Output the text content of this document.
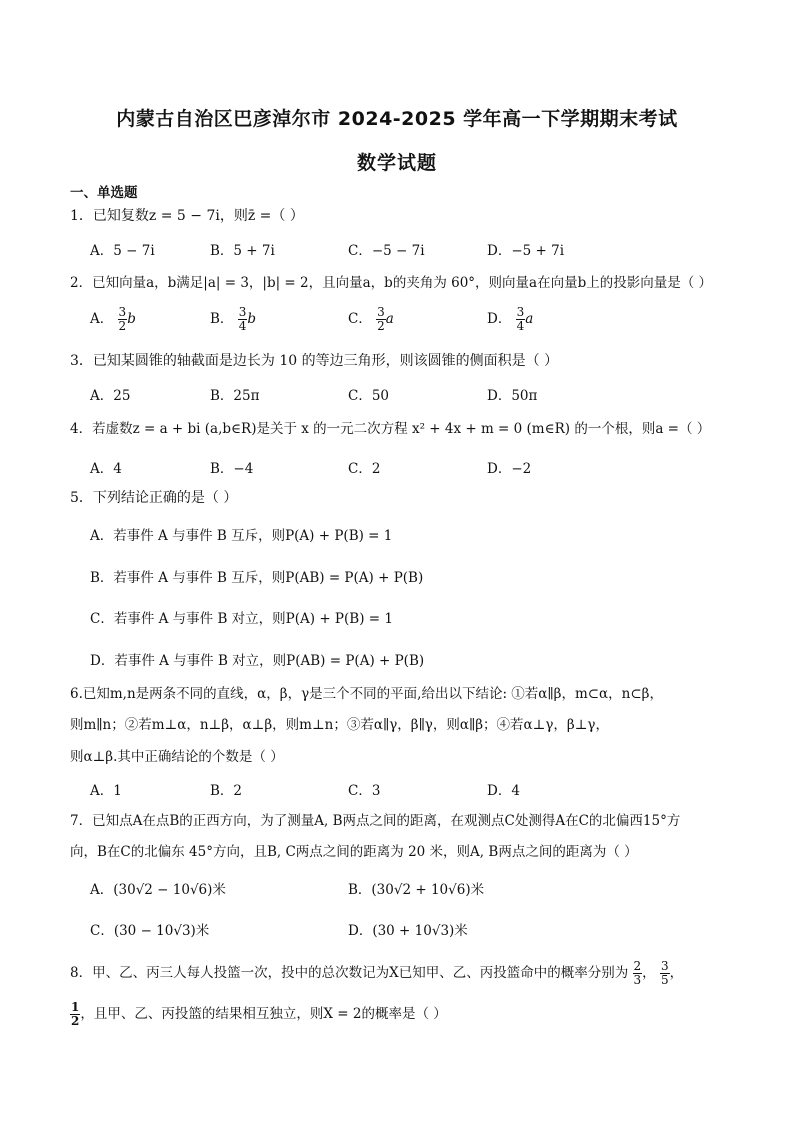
内蒙古自治区巴彦淖尔市 2024-2025 学年高一下学期期末考试
数学试题
一、单选题
1．已知复数z = 5 − 7i，则z̄ =（ ）
A．5 − 7i	B．5 + 7i	C．−5 − 7i	D．−5 + 7i
2．已知向量a，b满足|a| = 3，|b| = 2，且向量a，b的夹角为 60°，则向量a在向量b上的投影向量是（ ）
A． $\frac{3}{2}$ b	B． $\frac{3}{4}$ b	C． $\frac{3}{2}$ a	D． $\frac{3}{4}$ a
3．已知某圆锥的轴截面是边长为 10 的等边三角形，则该圆锥的侧面积是（ ）
A．25	B．25π	C．50	D．50π
4．若虚数z = a + bi (a,b∈R)是关于 x 的一元二次方程 x² + 4x + m = 0 (m∈R) 的一个根，则a =（ ）
A．4	B．−4	C．2	D．−2
5．下列结论正确的是（ ）
A．若事件 A 与事件 B 互斥，则P(A) + P(B) = 1
B．若事件 A 与事件 B 互斥，则P(AB) = P(A) + P(B)
C．若事件 A 与事件 B 对立，则P(A) + P(B) = 1
D．若事件 A 与事件 B 对立，则P(AB) = P(A) + P(B)
6.已知m,n是两条不同的直线，α，β，γ是三个不同的平面,给出以下结论: ①若α∥β，m⊂α，n⊂β，
则m∥n；②若m⊥α，n⊥β，α⊥β，则m⊥n；③若α∥γ，β∥γ，则α∥β；④若α⊥γ，β⊥γ，
则α⊥β.其中正确结论的个数是（ ）
A．1	B．2	C．3	D．4
7．已知点A在点B的正西方向，为了测量A, B两点之间的距离，在观测点C处测得A在C的北偏西15°方
向，B在C的北偏东 45°方向，且B, C两点之间的距离为 20 米，则A, B两点之间的距离为（ ）
A．(30√2 − 10√6)米	B．(30√2 + 10√6)米
C．(30 − 10√3)米	D．(30 + 10√3)米
8．甲、乙、丙三人每人投篮一次，投中的总次数记为X已知甲、乙、丙投篮命中的概率分别为 $\frac{2}{3}$ ， $\frac{3}{5}$ ，
$\frac{1}{2}$ ，且甲、乙、丙投篮的结果相互独立，则X = 2的概率是（ ）
